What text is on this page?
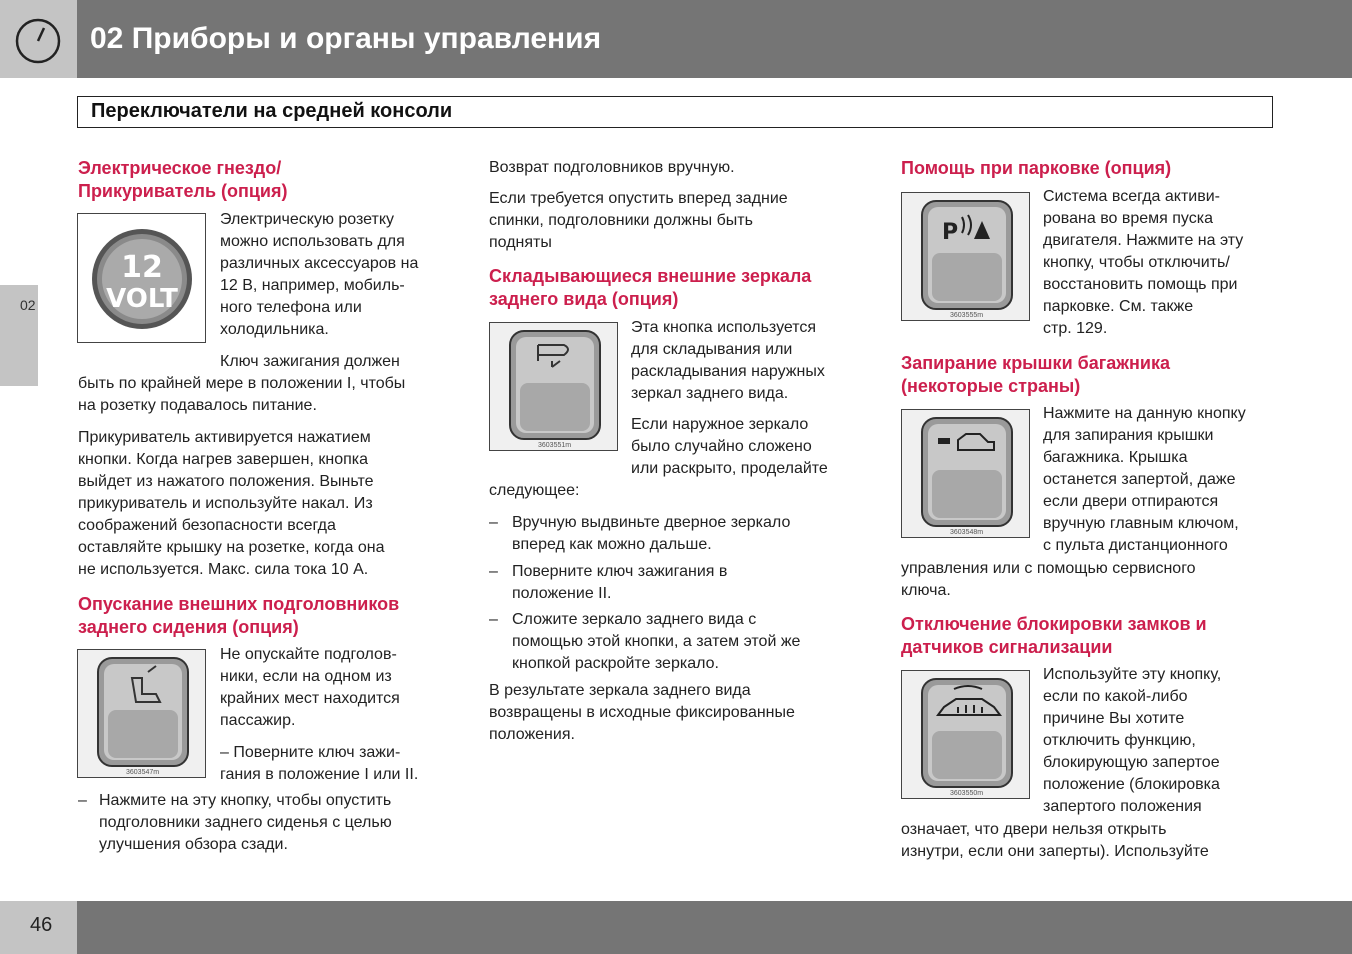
02 Приборы и органы управления
Переключатели на средней консоли
02
Электрическое гнездо/
Прикуриватель (опция)
12
VOLT

Электрическую розетку

можно использовать для

различных аксессуаров на

12 В, например, мобиль-

ного телефона или

холодильника.

Ключ зажигания должен

быть по крайней мере в положении I, чтобы

на розетку подавалось питание.

Прикуриватель активируется нажатием

кнопки. Когда нагрев завершен, кнопка

выйдет из нажатого положения. Выньте

прикуриватель и используйте накал. Из

соображений безопасности всегда

оставляйте крышку на розетке, когда она

не используется. Макс. сила тока 10 А.

Опускание внешних подголовников
заднего сидения (опция)
3603547m

Не опускайте подголов-

ники, если на одном из

крайних мест находится

пассажир.

– Поверните ключ зажи-

гания в положение I или II.

– Нажмите на эту кнопку, чтобы опустить

подголовники заднего сиденья с целью

улучшения обзора сзади.

Возврат подголовников вручную.

Если требуется опустить вперед задние

спинки, подголовники должны быть

подняты

Складывающиеся внешние зеркала
заднего вида (опция)
3603551m

Эта кнопка используется

для складывания или

раскладывания наружных

зеркал заднего вида.

Если наружное зеркало

было случайно сложено

или раскрыто, проделайте

следующее:

– Вручную выдвиньте дверное зеркало

вперед как можно дальше.

– Поверните ключ зажигания в

положение II.

– Сложите зеркало заднего вида с

помощью этой кнопки, а затем этой же

кнопкой раскройте зеркало.

В результате зеркала заднего вида

возвращены в исходные фиксированные

положения.

Помощь при парковке (опция)
P
3603555m

Система всегда активи-

рована во время пуска

двигателя. Нажмите на эту

кнопку, чтобы отключить/

восстановить помощь при

парковке. См. также

стр. 129.

Запирание крышки багажника
(некоторые страны)
3603548m

Нажмите на данную кнопку

для запирания крышки

багажника. Крышка

останется запертой, даже

если двери отпираются

вручную главным ключом,

с пульта дистанционного

управления или с помощью сервисного

ключа.

Отключение блокировки замков и
датчиков сигнализации
3603550m

Используйте эту кнопку,

если по какой-либо

причине Вы хотите

отключить функцию,

блокирующую запертое

положение (блокировка

запертого положения

означает, что двери нельзя открыть

изнутри, если они заперты). Используйте

46
